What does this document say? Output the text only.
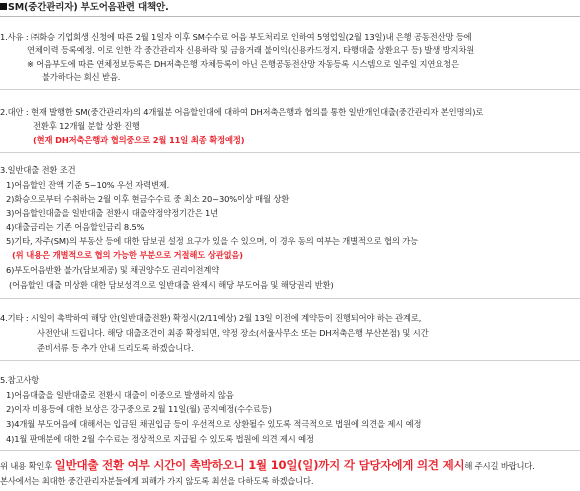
SM(중간관리자) 부도어음관련 대책안.
1.사유 : ㈜화승 기업회생 신청에 따른 2월 1일자 이후 SM수수료 어음 부도처리로 인하여 5영업일(2월 13일)내 은행 공동전산망 등에
연체이력 등록예정. 이로 인한 각 중간관리자 신용하락 및 금융거래 불이익(신용카드정지, 타행대출 상환요구 등) 발생 방지차원
※ 어음부도에 따른 연체정보등록은 DH저축은행 자체등록이 아닌 은행공동전산망 자동등록 시스템으로 일주일 지연요청은
불가하다는 회신 받음.
2.대안 : 현재 발행한 SM(중간관리자)의 4개월분 어음할인대에 대하여 DH저축은행과 협의를 통한 일반개인대출(중간관리자 본인명의)로
전환후 12개월 분할 상환 진행
(현재 DH저축은행과 협의중으로 2월 11일 최종 확정예정)
3.일반대출 전환 조건
1)어음할인 잔액 기준 5~10% 우선 자력변제.
2)화승으로부터 수취하는 2월 이후 현금수수료 중 최소 20~30%이상 매월 상환
3)어음할인대출을 일반대출 전환시 대출약정약정기간은 1년
4)대출금리는 기존 어음할인금리 8.5%
5)기타, 자주(SM)의 부동산 등에 대한 담보권 설정 요구가 있을 수 있으며, 이 경우 동의 여부는 개별적으로 협의 가능
(위 내용은 개별적으로 협의 가능한 부분으로 거절해도 상관없음)
6)부도어음반환 불가(담보제공) 및 채권양수도 권리이전계약
(어음할인 대출 미상환 대한 담보성격으로 일반대출 완제시 해당 부도어음 및 해당권리 반환)
4.기타 : 시일이 촉박하여 해당 안(일반대출전환) 확정시(2/11예상) 2월 13일 이전에 계약등이 진행되어야 하는 관계로,
사전안내 드립니다. 해당 대출조건이 최종 확정되면, 약정 장소(서울사무소 또는 DH저축은행 부산본점) 및 시간
준비서류 등 추가 안내 드리도록 하겠습니다.
5.참고사항
1)어음대출을 일반대출로 전환시 대출이 이중으로 발생하지 않음
2)이자 비용등에 대한 보상은 강구중으로 2월 11일(월) 공지예정(수수료등)
3)4개월 부도어음에 대해서는 입금된 채권입금 등이 우선적으로 상환될수 있도록 적극적으로 법원에 의견을 제시 예정
4)1월 판매분에 대한 2월 수수료는 정상적으로 지급될 수 있도록 법원에 의견 제시 예정
위 내용 확인후 일반대출 전환 여부 시간이 촉박하오니 1월 10일(일)까지 각 담당자에게 의견 제시해 주시길 바랍니다.
본사에서는 최대한 중간관리자분들에게 피해가 가지 않도록 최선을 다하도록 하겠습니다.
